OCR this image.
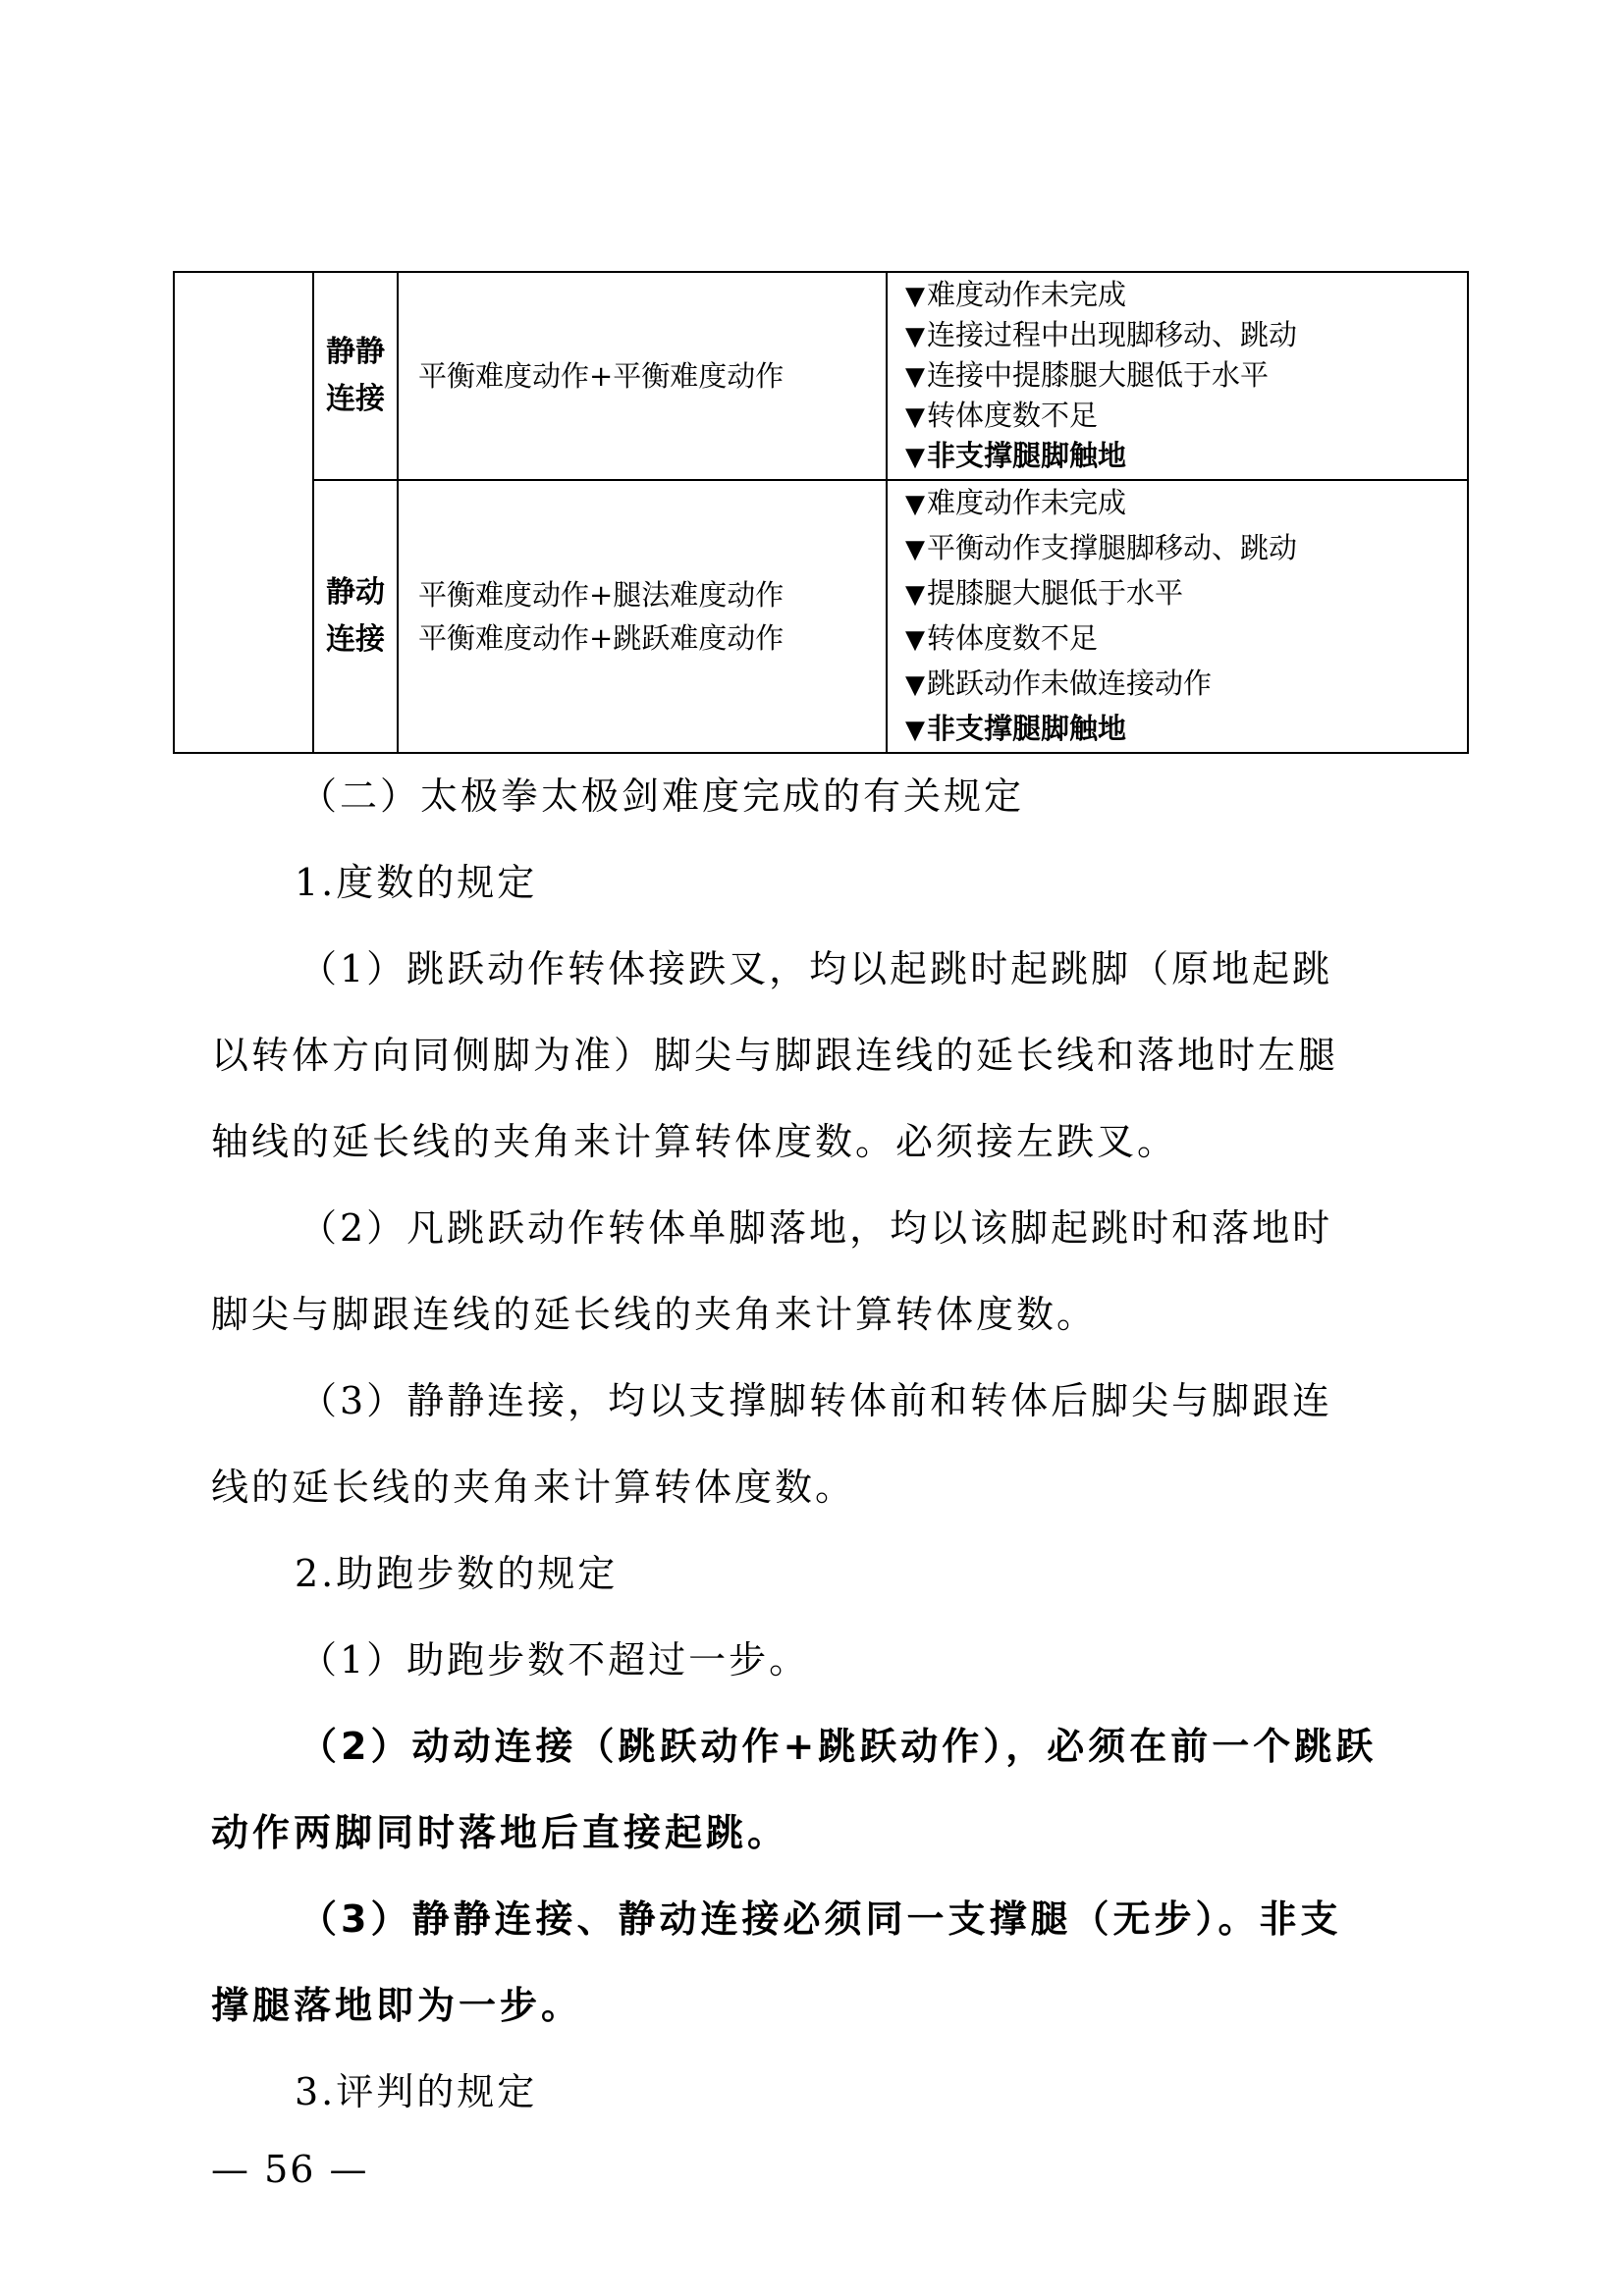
静静连接
平衡难度动作+平衡难度动作
▼难度动作未完成
▼连接过程中出现脚移动、跳动
▼连接中提膝腿大腿低于水平
▼转体度数不足
▼非支撑腿脚触地
静动连接
平衡难度动作+腿法难度动作
平衡难度动作+跳跃难度动作
▼难度动作未完成
▼平衡动作支撑腿脚移动、跳动
▼提膝腿大腿低于水平
▼转体度数不足
▼跳跃动作未做连接动作
▼非支撑腿脚触地
（二）太极拳太极剑难度完成的有关规定
1.度数的规定
（1）跳跃动作转体接跌叉，均以起跳时起跳脚（原地起跳
以转体方向同侧脚为准）脚尖与脚跟连线的延长线和落地时左腿
轴线的延长线的夹角来计算转体度数。必须接左跌叉。
（2）凡跳跃动作转体单脚落地，均以该脚起跳时和落地时
脚尖与脚跟连线的延长线的夹角来计算转体度数。
（3）静静连接，均以支撑脚转体前和转体后脚尖与脚跟连
线的延长线的夹角来计算转体度数。
2.助跑步数的规定
（1）助跑步数不超过一步。
（2）动动连接（跳跃动作+跳跃动作），必须在前一个跳跃
动作两脚同时落地后直接起跳。
（3）静静连接、静动连接必须同一支撑腿（无步）。非支
撑腿落地即为一步。
3.评判的规定
— 56 —
